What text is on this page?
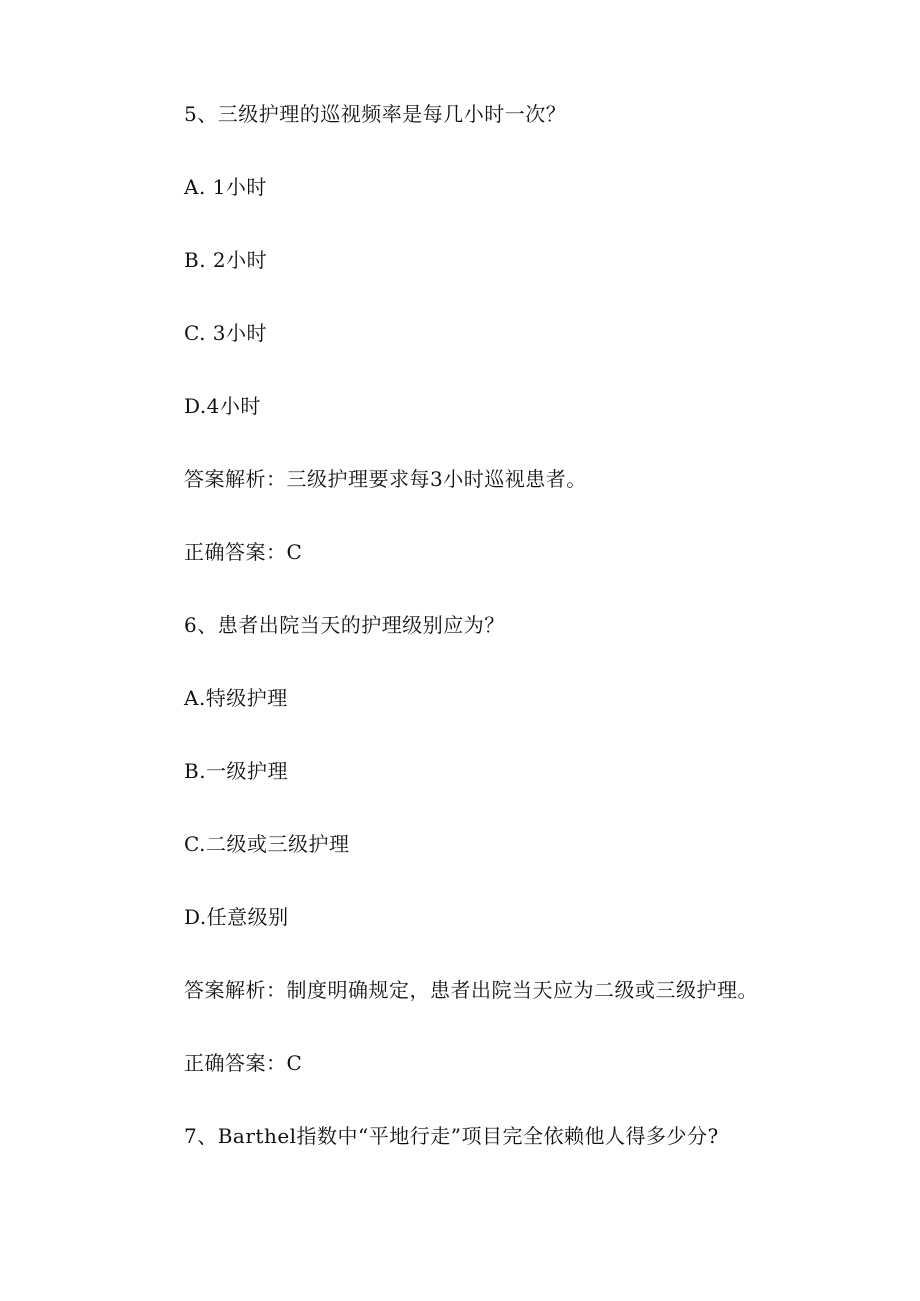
5、三级护理的巡视频率是每几小时一次？
A. 1小时
B. 2小时
C. 3小时
D.4小时
答案解析：三级护理要求每3小时巡视患者。
正确答案：C
6、患者出院当天的护理级别应为？
A.特级护理
B.一级护理
C.二级或三级护理
D.任意级别
答案解析：制度明确规定，患者出院当天应为二级或三级护理。
正确答案：C
7、Barthel指数中“平地行走”项目完全依赖他人得多少分?
